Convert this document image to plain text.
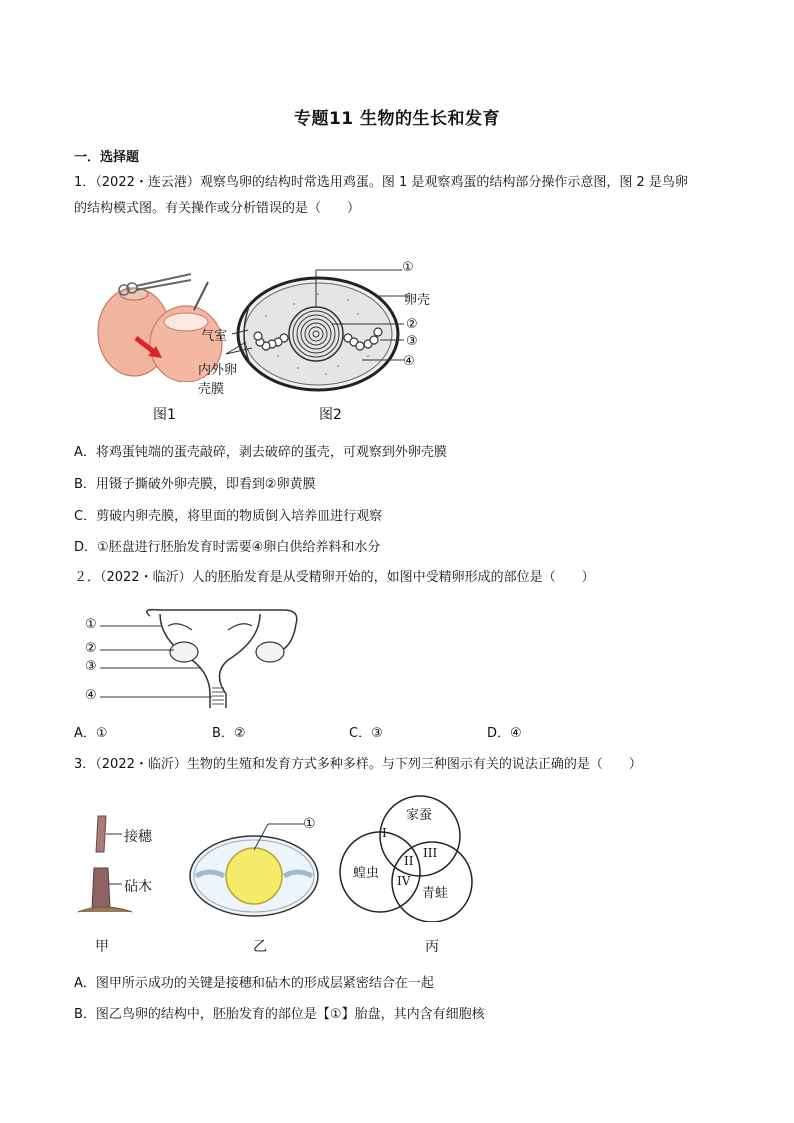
专题11 生物的生长和发育
一．选择题
1．（2022・连云港）观察鸟卵的结构时常选用鸡蛋。图 1 是观察鸡蛋的结构部分操作示意图，图 2 是鸟卵
的结构模式图。有关操作或分析错误的是（　　）
①
卵壳
②
③
④
气室
内外卵
壳膜
图1	图2
A．将鸡蛋钝端的蛋壳敲碎，剥去破碎的蛋壳，可观察到外卵壳膜
B．用镊子撕破外卵壳膜，即看到②卵黄膜
C．剪破内卵壳膜，将里面的物质倒入培养皿进行观察
D．①胚盘进行胚胎发育时需要④卵白供给养料和水分
２．（2022・临沂）人的胚胎发育是从受精卵开始的，如图中受精卵形成的部位是（　　）
①
②
③
④
A．①	B．②	C．③	D．④
3．（2022・临沂）生物的生殖和发育方式多种多样。与下列三种图示有关的说法正确的是（　　）
接穗
砧木
甲
①
乙
家蚕
蝗虫
青蛙
I
II
III
IV
丙
A．图甲所示成功的关键是接穗和砧木的形成层紧密结合在一起
B．图乙鸟卵的结构中，胚胎发育的部位是【①】胎盘，其内含有细胞核
